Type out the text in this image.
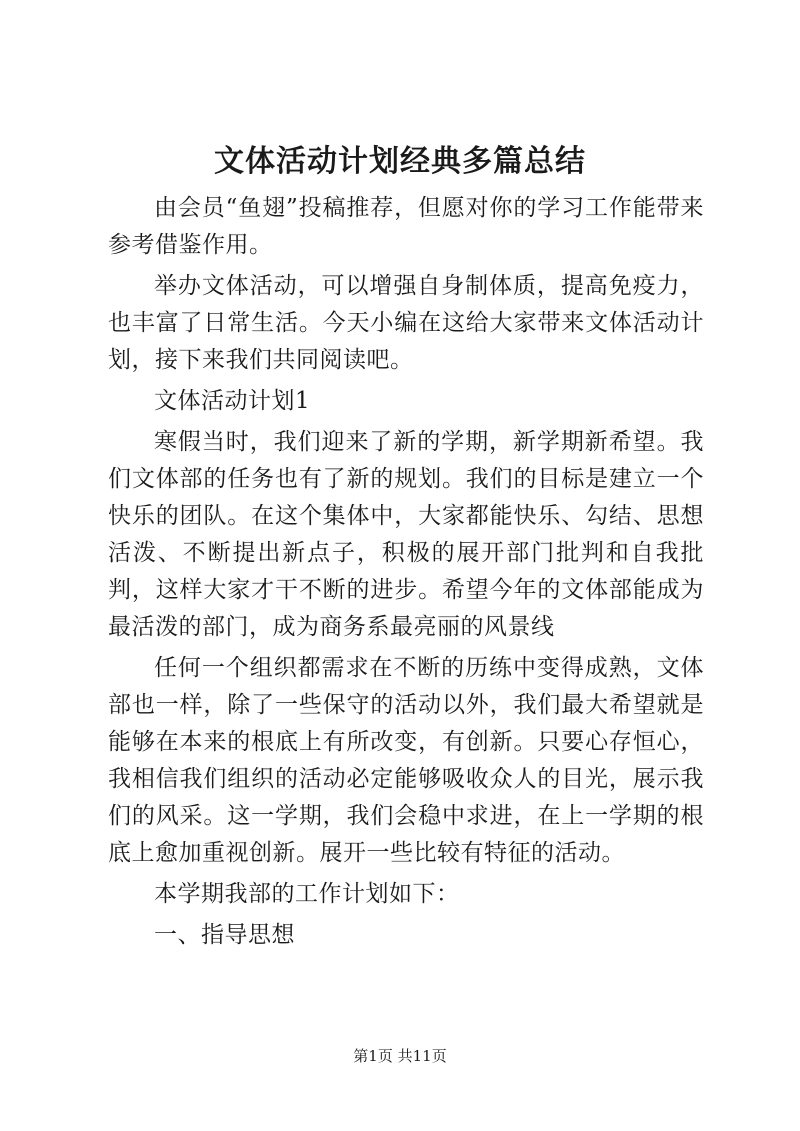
文体活动计划经典多篇总结

由会员“鱼翅”投稿推荐，但愿对你的学习工作能带来参考借鉴作用。

举办文体活动，可以增强自身制体质，提高免疫力，也丰富了日常生活。今天小编在这给大家带来文体活动计划，接下来我们共同阅读吧。

文体活动计划1

寒假当时，我们迎来了新的学期，新学期新希望。我们文体部的任务也有了新的规划。我们的目标是建立一个快乐的团队。在这个集体中，大家都能快乐、勾结、思想活泼、不断提出新点子，积极的展开部门批判和自我批判，这样大家才干不断的进步。希望今年的文体部能成为最活泼的部门，成为商务系最亮丽的风景线

任何一个组织都需求在不断的历练中变得成熟，文体部也一样，除了一些保守的活动以外，我们最大希望就是能够在本来的根底上有所改变，有创新。只要心存恒心，我相信我们组织的活动必定能够吸收众人的目光，展示我们的风采。这一学期，我们会稳中求进，在上一学期的根底上愈加重视创新。展开一些比较有特征的活动。

本学期我部的工作计划如下：

一、指导思想

第1页 共11页
